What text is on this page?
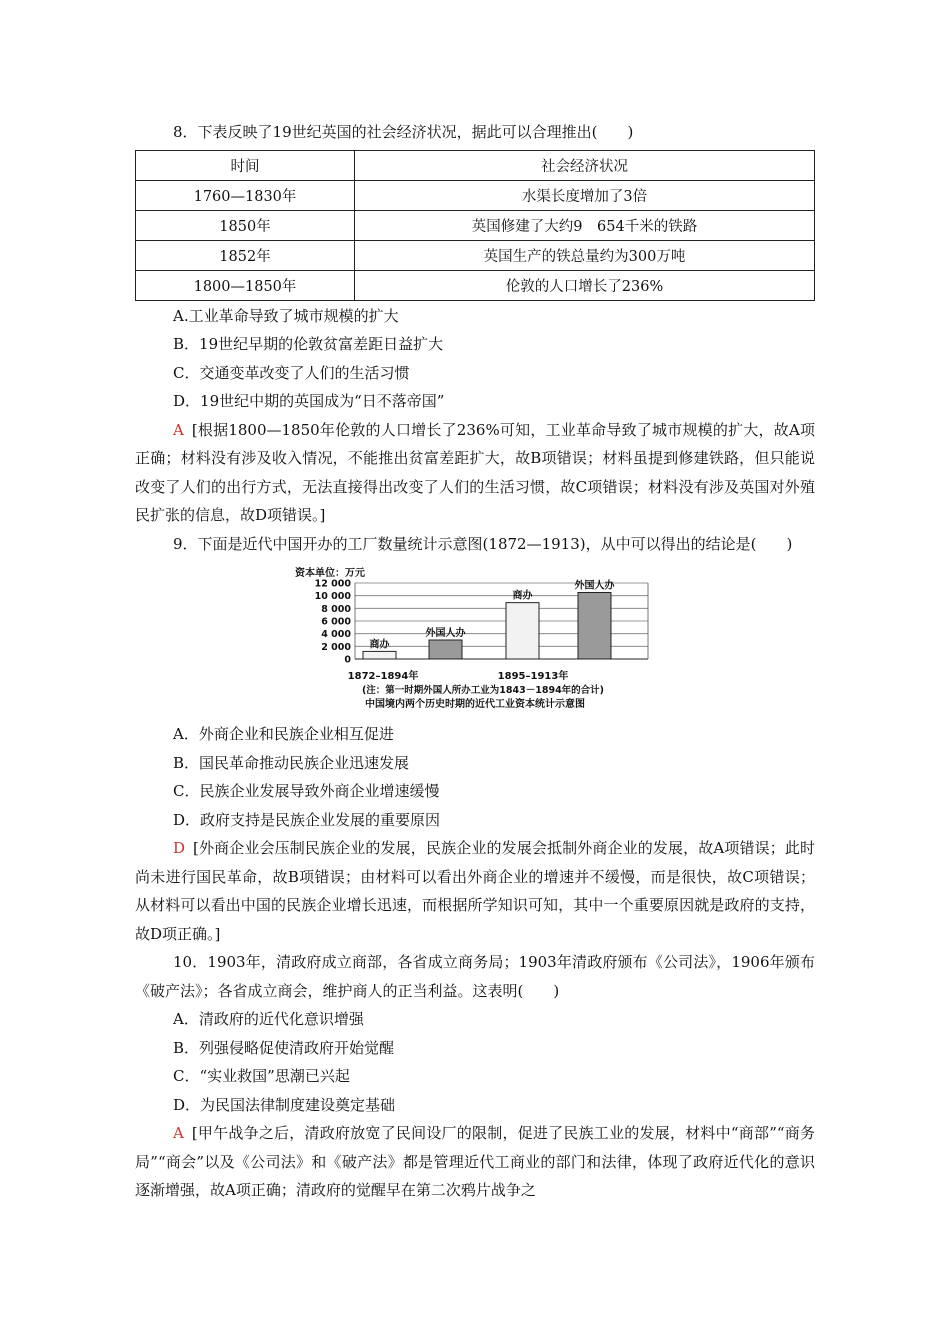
8．下表反映了19世纪英国的社会经济状况，据此可以合理推出(　　)
时间	社会经济状况
1760—1830年	水渠长度增加了3倍
1850年	英国修建了大约9　654千米的铁路
1852年	英国生产的铁总量约为300万吨
1800—1850年	伦敦的人口增长了236%
A.工业革命导致了城市规模的扩大
B．19世纪早期的伦敦贫富差距日益扩大
C．交通变革改变了人们的生活习惯
D．19世纪中期的英国成为“日不落帝国”
A [根据1800—1850年伦敦的人口增长了236%可知，工业革命导致了城市规模的扩大，故A项正确；材料没有涉及收入情况，不能推出贫富差距扩大，故B项错误；材料虽提到修建铁路，但只能说改变了人们的出行方式，无法直接得出改变了人们的生活习惯，故C项错误；材料没有涉及英国对外殖民扩张的信息，故D项错误。]
9．下面是近代中国开办的工厂数量统计示意图(1872—1913)，从中可以得出的结论是(　　)
资本单位：万元
12 000
10 000
8 000
6 000
4 000
2 000
0
商办
外国人办
商办
外国人办
1872–1894年	1895–1913年
(注：第一时期外国人所办工业为1843－1894年的合计)
中国境内两个历史时期的近代工业资本统计示意图
A．外商企业和民族企业相互促进
B．国民革命推动民族企业迅速发展
C．民族企业发展导致外商企业增速缓慢
D．政府支持是民族企业发展的重要原因
D [外商企业会压制民族企业的发展，民族企业的发展会抵制外商企业的发展，故A项错误；此时尚未进行国民革命，故B项错误；由材料可以看出外商企业的增速并不缓慢，而是很快，故C项错误；从材料可以看出中国的民族企业增长迅速，而根据所学知识可知，其中一个重要原因就是政府的支持，故D项正确。]
10．1903年，清政府成立商部，各省成立商务局；1903年清政府颁布《公司法》，1906年颁布《破产法》；各省成立商会，维护商人的正当利益。这表明(　　)
A．清政府的近代化意识增强
B．列强侵略促使清政府开始觉醒
C．“实业救国”思潮已兴起
D．为民国法律制度建设奠定基础
A [甲午战争之后，清政府放宽了民间设厂的限制，促进了民族工业的发展，材料中“商部”“商务局”“商会”以及《公司法》和《破产法》都是管理近代工商业的部门和法律，体现了政府近代化的意识逐渐增强，故A项正确；清政府的觉醒早在第二次鸦片战争之
